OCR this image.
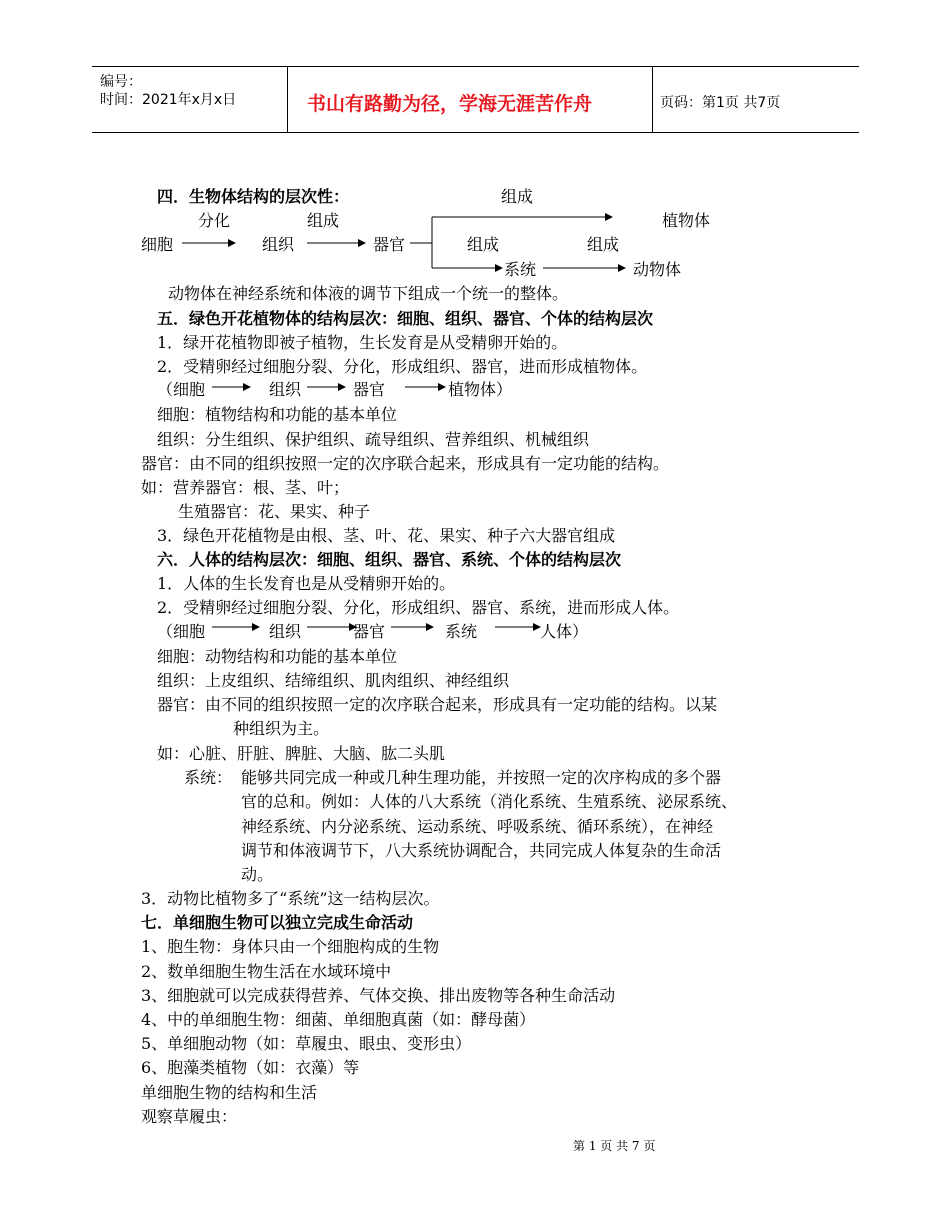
编号：
时间：2021年x月x日	书山有路勤为径，学海无涯苦作舟	页码：第1页 共7页
四．生物体结构的层次性：	组成
分化	组成	植物体
细胞	组织	器官	组成	组成
系统	动物体
动物体在神经系统和体液的调节下组成一个统一的整体。
五．绿色开花植物体的结构层次：细胞、组织、器官、个体的结构层次
1．绿开花植物即被子植物，生长发育是从受精卵开始的。
2．受精卵经过细胞分裂、分化，形成组织、器官，进而形成植物体。
（细胞	组织	器官	植物体）
细胞：植物结构和功能的基本单位
组织：分生组织、保护组织、疏导组织、营养组织、机械组织
器官：由不同的组织按照一定的次序联合起来，形成具有一定功能的结构。
如：营养器官：根、茎、叶；
生殖器官：花、果实、种子
3．绿色开花植物是由根、茎、叶、花、果实、种子六大器官组成
六．人体的结构层次：细胞、组织、器官、系统、个体的结构层次
1．人体的生长发育也是从受精卵开始的。
2．受精卵经过细胞分裂、分化，形成组织、器官、系统，进而形成人体。
（细胞	组织	器官	系统	人体）
细胞：动物结构和功能的基本单位
组织：上皮组织、结缔组织、肌肉组织、神经组织
器官：由不同的组织按照一定的次序联合起来，形成具有一定功能的结构。以某
种组织为主。
如：心脏、肝脏、脾脏、大脑、肱二头肌
系统： 能够共同完成一种或几种生理功能，并按照一定的次序构成的多个器
官的总和。例如：人体的八大系统（消化系统、生殖系统、泌尿系统、
神经系统、内分泌系统、运动系统、呼吸系统、循环系统），在神经
调节和体液调节下，八大系统协调配合，共同完成人体复杂的生命活
动。
3．动物比植物多了“系统”这一结构层次。
七．单细胞生物可以独立完成生命活动
1、胞生物：身体只由一个细胞构成的生物
2、数单细胞生物生活在水域环境中
3、细胞就可以完成获得营养、气体交换、排出废物等各种生命活动
4、中的单细胞生物：细菌、单细胞真菌（如：酵母菌）
5、单细胞动物（如：草履虫、眼虫、变形虫）
6、胞藻类植物（如：衣藻）等
单细胞生物的结构和生活
观察草履虫：
第 1 页 共 7 页
